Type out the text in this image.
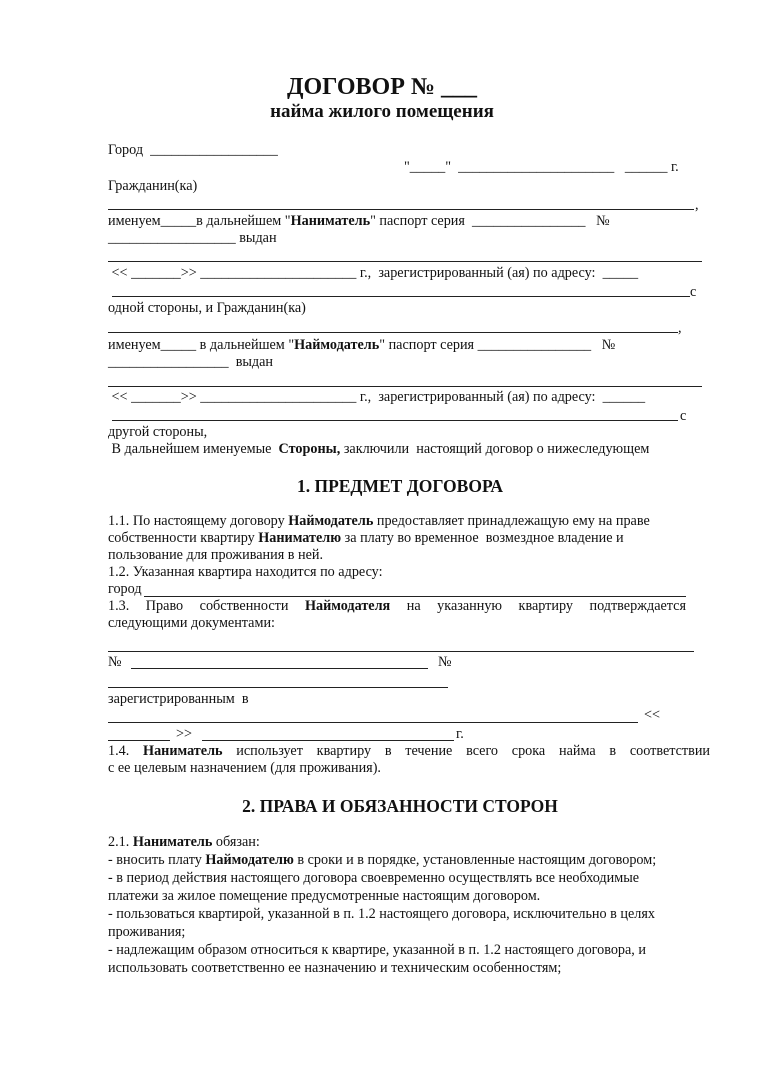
ДОГОВОР № ___
найма жилого помещения
Город __________________
"_____"  ______________________   ______ г.
Гражданин(ка)
,
именуем_____в дальнейшем "Наниматель" паспорт серия  ________________   №
__________________ выдан
<< _______>> ______________________ г.,  зарегистрированный (ая) по адресу:  _____
с
одной стороны, и Гражданин(ка)
,
именуем_____ в дальнейшем "Наймодатель" паспорт серия ________________   №
_________________  выдан
<< _______>> ______________________ г.,  зарегистрированный (ая) по адресу:  ______
с
другой стороны,
В дальнейшем именуемые  Стороны, заключили  настоящий договор о нижеследующем
1. ПРЕДМЕТ ДОГОВОРА
1.1. По настоящему договору Наймодатель предоставляет принадлежащую ему на праве
собственности квартиру Нанимателю за плату во временное  возмездное владение и
пользование для проживания в ней.
1.2. Указанная квартира находится по адресу:
город
1.3. Право собственности Наймодателя на указанную квартиру подтверждается
следующими документами:
№	№
зарегистрированным  в
<<
>>	г.
1.4. Наниматель использует квартиру в течение всего срока найма в соответствии
с ее целевым назначением (для проживания).
2. ПРАВА И ОБЯЗАННОСТИ СТОРОН
2.1. Наниматель обязан:
- вносить плату Наймодателю в сроки и в порядке, установленные настоящим договором;
- в период действия настоящего договора своевременно осуществлять все необходимые
платежи за жилое помещение предусмотренные настоящим договором.
- пользоваться квартирой, указанной в п. 1.2 настоящего договора, исключительно в целях
проживания;
- надлежащим образом относиться к квартире, указанной в п. 1.2 настоящего договора, и
использовать соответственно ее назначению и техническим особенностям;
